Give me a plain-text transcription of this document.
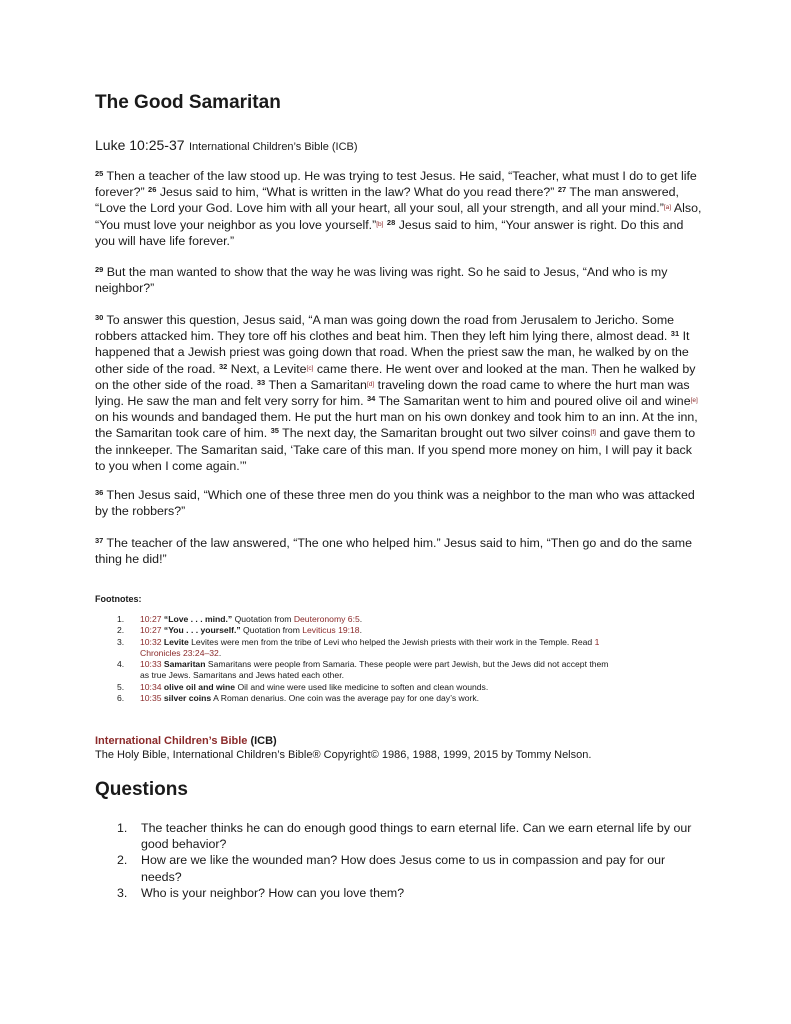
The Good Samaritan

Luke 10:25-37 International Children’s Bible (ICB)

$^{25}$ Then a teacher of the law stood up. He was trying to test Jesus. He said, “Teacher, what must I do to get life forever?” $^{26}$ Jesus said to him, “What is written in the law? What do you read there?” $^{27}$ The man answered, “Love the Lord your God. Love him with all your heart, all your soul, all your strength, and all your mind.”[a] Also, “You must love your neighbor as you love yourself.”[b] $^{28}$ Jesus said to him, “Your answer is right. Do this and you will have life forever.”

$^{29}$ But the man wanted to show that the way he was living was right. So he said to Jesus, “And who is my neighbor?”

$^{30}$ To answer this question, Jesus said, “A man was going down the road from Jerusalem to Jericho. Some robbers attacked him. They tore off his clothes and beat him. Then they left him lying there, almost dead. $^{31}$ It happened that a Jewish priest was going down that road. When the priest saw the man, he walked by on the other side of the road. $^{32}$ Next, a Levite[c] came there. He went over and looked at the man. Then he walked by on the other side of the road. $^{33}$ Then a Samaritan[d] traveling down the road came to where the hurt man was lying. He saw the man and felt very sorry for him. $^{34}$ The Samaritan went to him and poured olive oil and wine[e] on his wounds and bandaged them. He put the hurt man on his own donkey and took him to an inn. At the inn, the Samaritan took care of him. $^{35}$ The next day, the Samaritan brought out two silver coins[f] and gave them to the innkeeper. The Samaritan said, ‘Take care of this man. If you spend more money on him, I will pay it back to you when I come again.’”

$^{36}$ Then Jesus said, “Which one of these three men do you think was a neighbor to the man who was attacked by the robbers?”

$^{37}$ The teacher of the law answered, “The one who helped him.” Jesus said to him, “Then go and do the same thing he did!”

Footnotes:

1. 10:27 “Love . . . mind.” Quotation from Deuteronomy 6:5.
2. 10:27 “You . . . yourself.” Quotation from Leviticus 19:18.
3. 10:32 Levite Levites were men from the tribe of Levi who helped the Jewish priests with their work in the Temple. Read 1 Chronicles 23:24–32.
4. 10:33 Samaritan Samaritans were people from Samaria. These people were part Jewish, but the Jews did not accept them as true Jews. Samaritans and Jews hated each other.
5. 10:34 olive oil and wine Oil and wine were used like medicine to soften and clean wounds.
6. 10:35 silver coins A Roman denarius. One coin was the average pay for one day’s work.

International Children’s Bible (ICB)
The Holy Bible, International Children’s Bible® Copyright© 1986, 1988, 1999, 2015 by Tommy Nelson.

Questions
1. The teacher thinks he can do enough good things to earn eternal life. Can we earn eternal life by our good behavior?
2. How are we like the wounded man? How does Jesus come to us in compassion and pay for our needs?
3. Who is your neighbor? How can you love them?
